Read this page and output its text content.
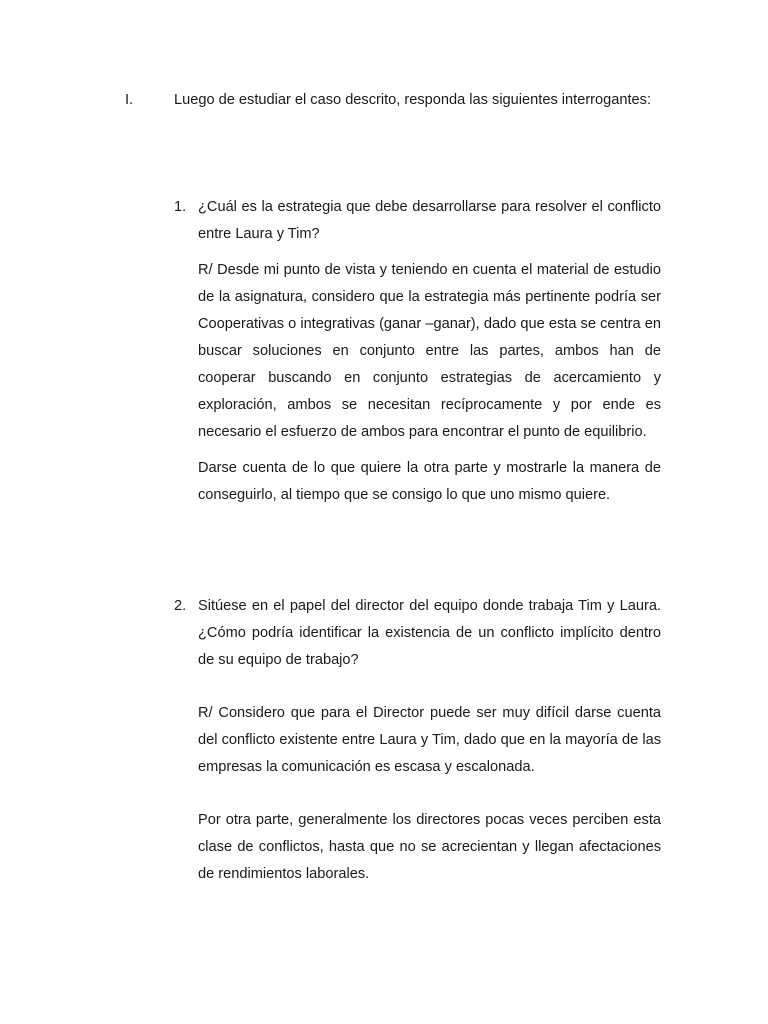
I.	Luego de estudiar el caso descrito, responda las siguientes interrogantes:

1. ¿Cuál es la estrategia que debe desarrollarse para resolver el conflicto entre Laura y Tim?

R/ Desde mi punto de vista y teniendo en cuenta el material de estudio de la asignatura, considero que la estrategia más pertinente podría ser Cooperativas o integrativas (ganar –ganar), dado que esta se centra en buscar soluciones en conjunto entre las partes, ambos han de cooperar buscando en conjunto estrategias de acercamiento y exploración, ambos se necesitan recíprocamente y por ende es necesario el esfuerzo de ambos para encontrar el punto de equilibrio.

Darse cuenta de lo que quiere la otra parte y mostrarle la manera de conseguirlo, al tiempo que se consigo lo que uno mismo quiere.

2. Sitúese en el papel del director del equipo donde trabaja Tim y Laura. ¿Cómo podría identificar la existencia de un conflicto implícito dentro de su equipo de trabajo?

R/ Considero que para el Director puede ser muy difícil darse cuenta del conflicto existente entre Laura y Tim, dado que en la mayoría de las empresas la comunicación es escasa y escalonada.

Por otra parte, generalmente los directores pocas veces perciben esta clase de conflictos, hasta que no se acrecientan y llegan afectaciones de rendimientos laborales.
